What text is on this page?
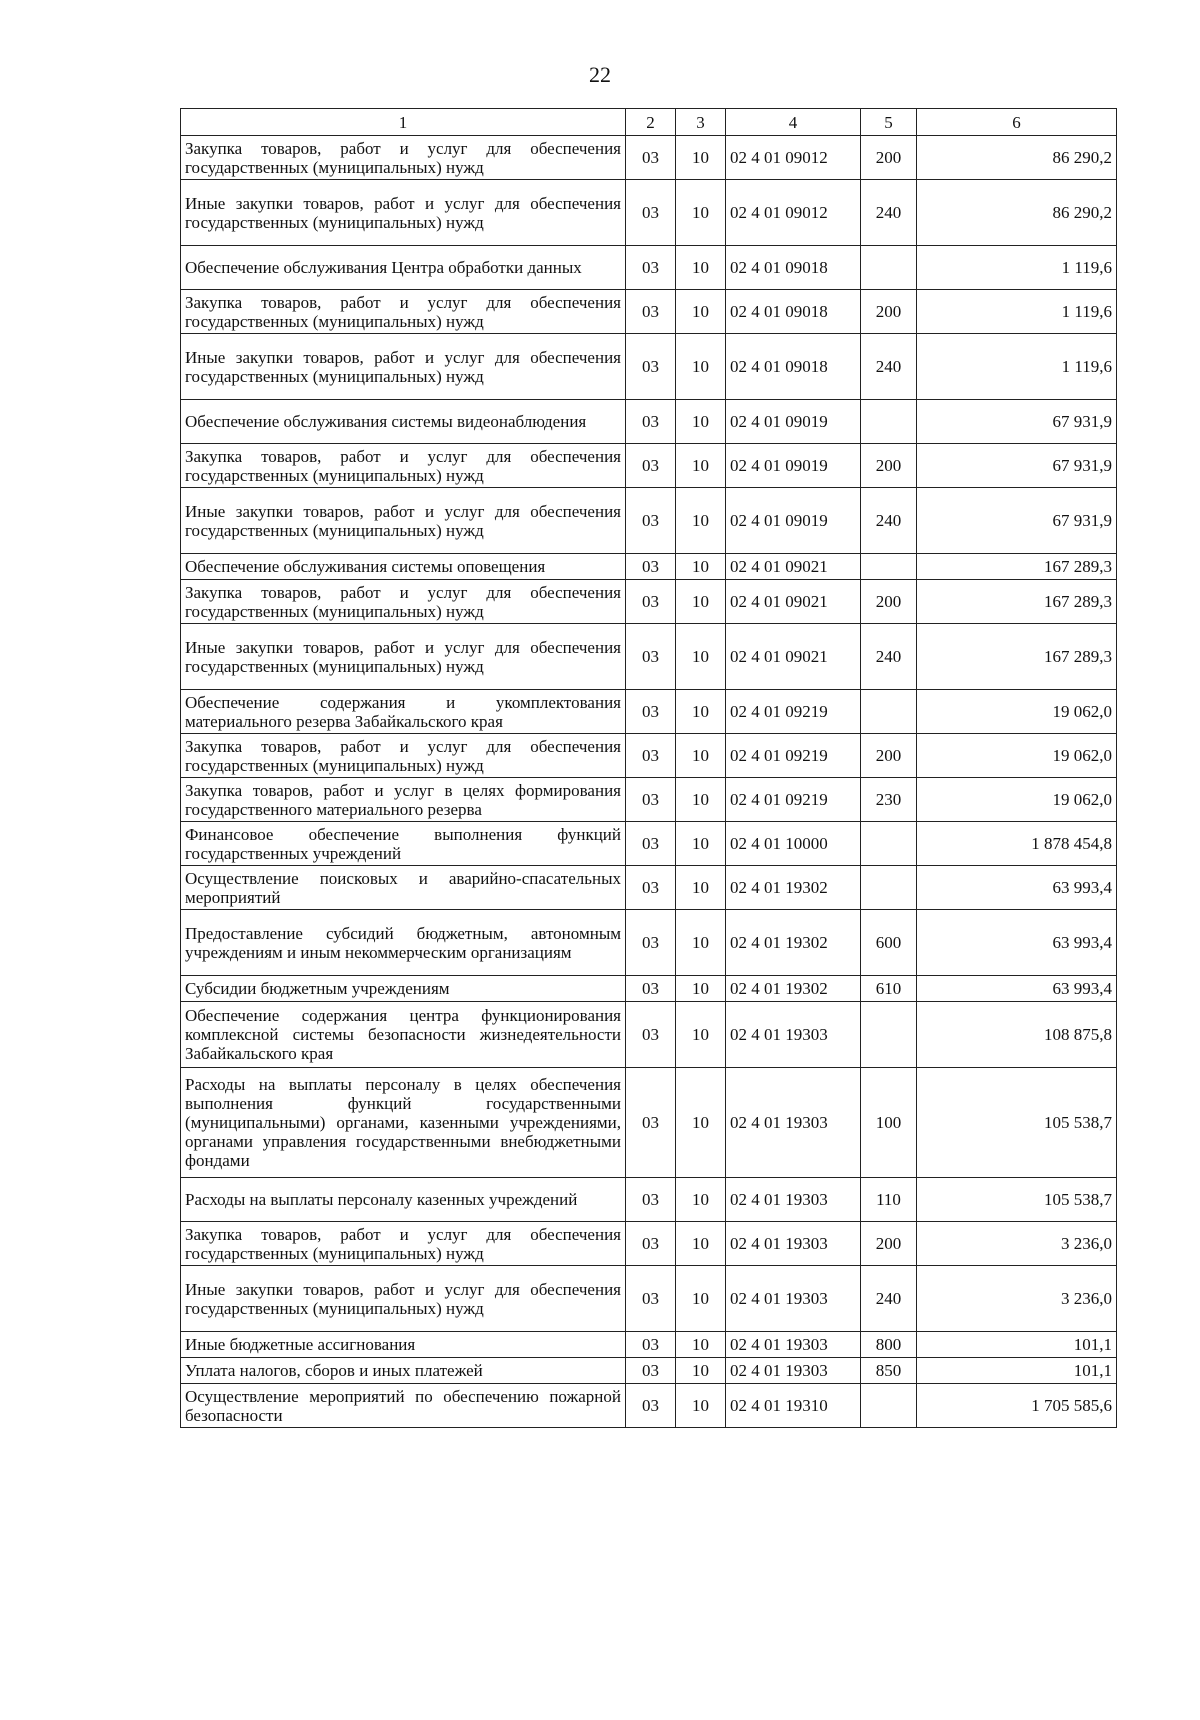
22
1	2	3	4	5	6
Закупка товаров, работ и услуг для обеспечения государственных (муниципальных) нужд	03	10	02 4 01 09012	200	86 290,2
Иные закупки товаров, работ и услуг для обеспечения государственных (муниципальных) нужд	03	10	02 4 01 09012	240	86 290,2
Обеспечение обслуживания Центра обработки данных	03	10	02 4 01 09018		1 119,6
Закупка товаров, работ и услуг для обеспечения государственных (муниципальных) нужд	03	10	02 4 01 09018	200	1 119,6
Иные закупки товаров, работ и услуг для обеспечения государственных (муниципальных) нужд	03	10	02 4 01 09018	240	1 119,6
Обеспечение обслуживания системы видеонаблюдения	03	10	02 4 01 09019		67 931,9
Закупка товаров, работ и услуг для обеспечения государственных (муниципальных) нужд	03	10	02 4 01 09019	200	67 931,9
Иные закупки товаров, работ и услуг для обеспечения государственных (муниципальных) нужд	03	10	02 4 01 09019	240	67 931,9
Обеспечение обслуживания системы оповещения	03	10	02 4 01 09021		167 289,3
Закупка товаров, работ и услуг для обеспечения государственных (муниципальных) нужд	03	10	02 4 01 09021	200	167 289,3
Иные закупки товаров, работ и услуг для обеспечения государственных (муниципальных) нужд	03	10	02 4 01 09021	240	167 289,3
Обеспечение содержания и укомплектования материального резерва Забайкальского края	03	10	02 4 01 09219		19 062,0
Закупка товаров, работ и услуг для обеспечения государственных (муниципальных) нужд	03	10	02 4 01 09219	200	19 062,0
Закупка товаров, работ и услуг в целях формирования государственного материального резерва	03	10	02 4 01 09219	230	19 062,0
Финансовое обеспечение выполнения функций государственных учреждений	03	10	02 4 01 10000		1 878 454,8
Осуществление поисковых и аварийно-спасательных мероприятий	03	10	02 4 01 19302		63 993,4
Предоставление субсидий бюджетным, автономным учреждениям и иным некоммерческим организациям	03	10	02 4 01 19302	600	63 993,4
Субсидии бюджетным учреждениям	03	10	02 4 01 19302	610	63 993,4
Обеспечение содержания центра функционирования комплексной системы безопасности жизнедеятельности Забайкальского края	03	10	02 4 01 19303		108 875,8
Расходы на выплаты персоналу в целях обеспечения выполнения функций государственными (муниципальными) органами, казенными учреждениями, органами управления государственными внебюджетными фондами	03	10	02 4 01 19303	100	105 538,7
Расходы на выплаты персоналу казенных учреждений	03	10	02 4 01 19303	110	105 538,7
Закупка товаров, работ и услуг для обеспечения государственных (муниципальных) нужд	03	10	02 4 01 19303	200	3 236,0
Иные закупки товаров, работ и услуг для обеспечения государственных (муниципальных) нужд	03	10	02 4 01 19303	240	3 236,0
Иные бюджетные ассигнования	03	10	02 4 01 19303	800	101,1
Уплата налогов, сборов и иных платежей	03	10	02 4 01 19303	850	101,1
Осуществление мероприятий по обеспечению пожарной безопасности	03	10	02 4 01 19310		1 705 585,6
